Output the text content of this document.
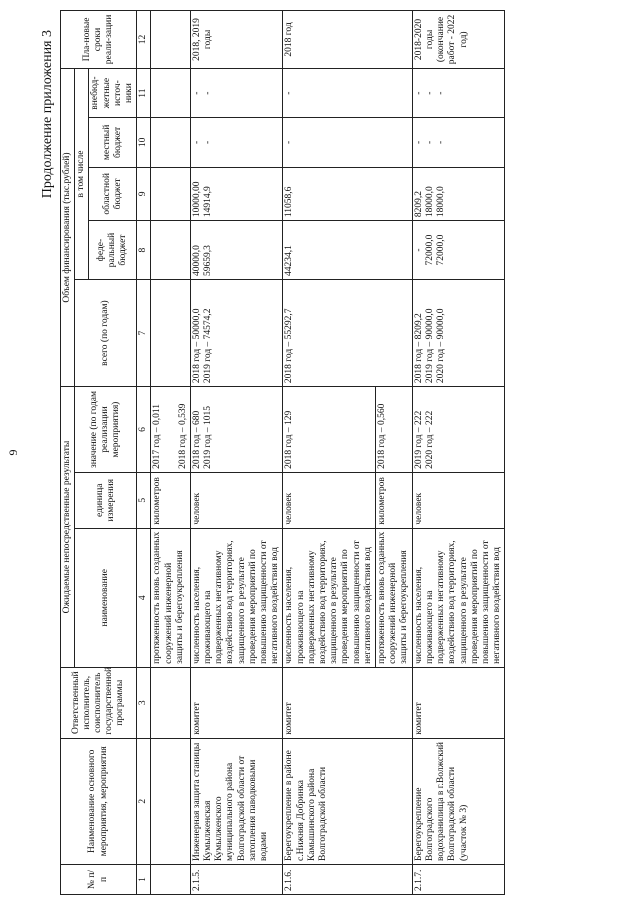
9
Продолжение приложения 3
№ п/п	Наименование основного мероприятия, мероприятия	Ответственный исполнитель, соисполнитель государственной программы	Ожидаемые непосредственные результаты			Объем финансирования (тыс.рублей)					Пла-новые сроки реали-зации
			наименование	единица измерения	значение (по годам реализации мероприятия)	всего (по годам)	в том числе				
							феде-ральный бюджет	областной бюджет	местный бюджет	внебюд-жетные источ-ники	
1	2	3	4	5	6	7	8	9	10	11	12
			протяженность вновь созданных сооружений инженерной защиты и берегоукрепления	километров	2017 год – 0,011 2018 год – 0,539						

2.1.5.	Инженерная защита станицы Кумылженская Кумылженского муниципального района Волгоградской области от затопления паводковыми водами	комитет	численность населения, проживающего на подверженных негативному воздействию вод территориях, защищенного в результате проведения мероприятий по повышению защищенности от негативного воздействия вод	человек	2018 год – 680 2019 год – 1015	2018 год – 50000,0 2019 год – 74574,2	40000,0 59659,3	10000,00 14914,9	- -	- -	2018, 2019 годы
2.1.6.	Берегоукрепление в районе с.Нижняя Добринка Камышинского района Волгоградской области	комитет	численность населения, проживающего на подверженных негативному воздействию вод территориях, защищенного в результате проведения мероприятий по повышению защищенности от негативного воздействия вод	человек	2018 год – 129	2018 год – 55292,7	44234,1	11058,6	-	-	2018 год
			протяженность вновь созданных сооружений инженерной защиты и берегоукрепления	километров	2018 год – 0,560						
2.1.7.	Берегоукрепление Волгоградского водохранилища в г.Волжский Волгоградской области (участок № 3)	комитет	численность населения, проживающего на подверженных негативному воздействию вод территориях, защищенного в результате проведения мероприятий по повышению защищенности от негативного воздействия вод	человек	2019 год – 222 2020 год – 222	2018 год – 8209,2 2019 год – 90000,0 2020 год – 90000,0	- 72000,0 72000,0	8209,2 18000,0 18000,0	- - -	- - -	2018-2020 годы (окончание работ - 2022 год)
